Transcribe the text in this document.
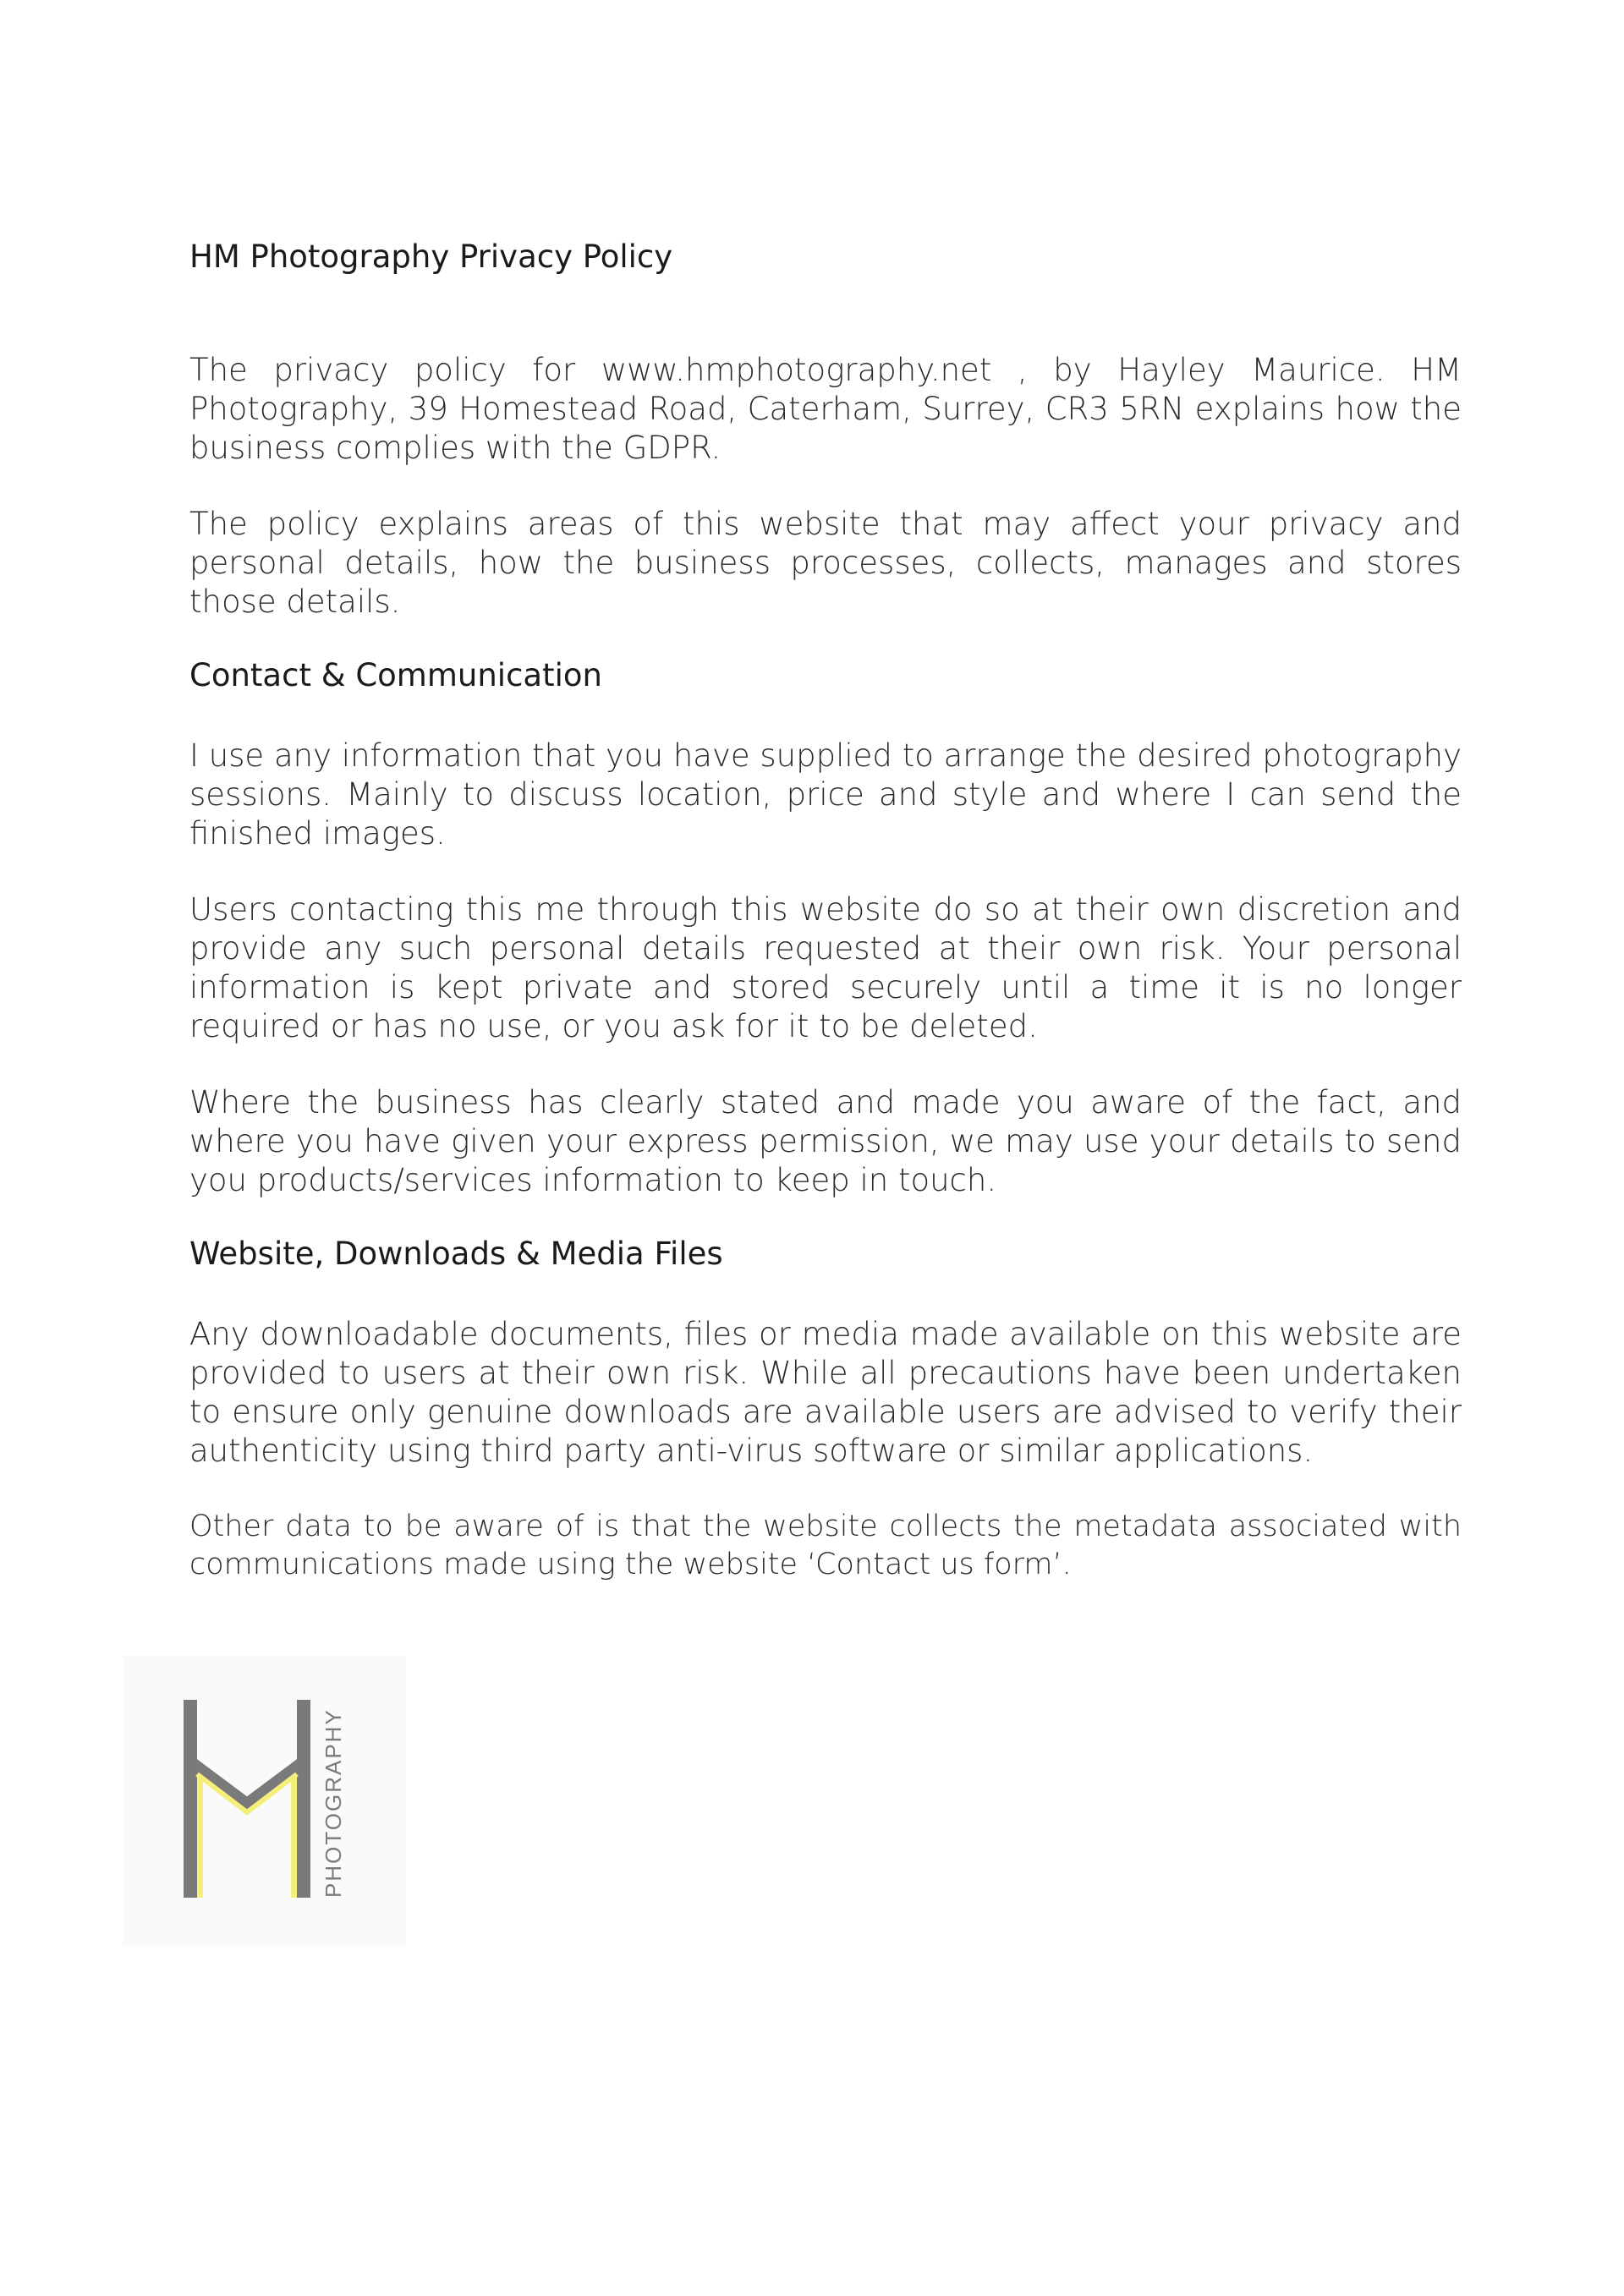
HM Photography Privacy Policy

The privacy policy for www.hmphotography.net , by Hayley Maurice. HM Photography, 39 Homestead Road, Caterham, Surrey, CR3 5RN explains how the business complies with the GDPR.

The policy explains areas of this website that may affect your privacy and personal details, how the business processes, collects, manages and stores those details.

Contact & Communication

I use any information that you have supplied to arrange the desired photography sessions. Mainly to discuss location, price and style and where I can send the finished images.

Users contacting this me through this website do so at their own discretion and provide any such personal details requested at their own risk. Your personal information is kept private and stored securely until a time it is no longer required or has no use, or you ask for it to be deleted.

Where the business has clearly stated and made you aware of the fact, and where you have given your express permission, we may use your details to send you products/services information to keep in touch.

Website, Downloads & Media Files

Any downloadable documents, files or media made available on this website are provided to users at their own risk. While all precautions have been undertaken to ensure only genuine downloads are available users are advised to verify their authenticity using third party anti-virus software or similar applications.

Other data to be aware of is that the website collects the metadata associated with communications made using the website ‘Contact us form’.

PHOTOGRAPHY
